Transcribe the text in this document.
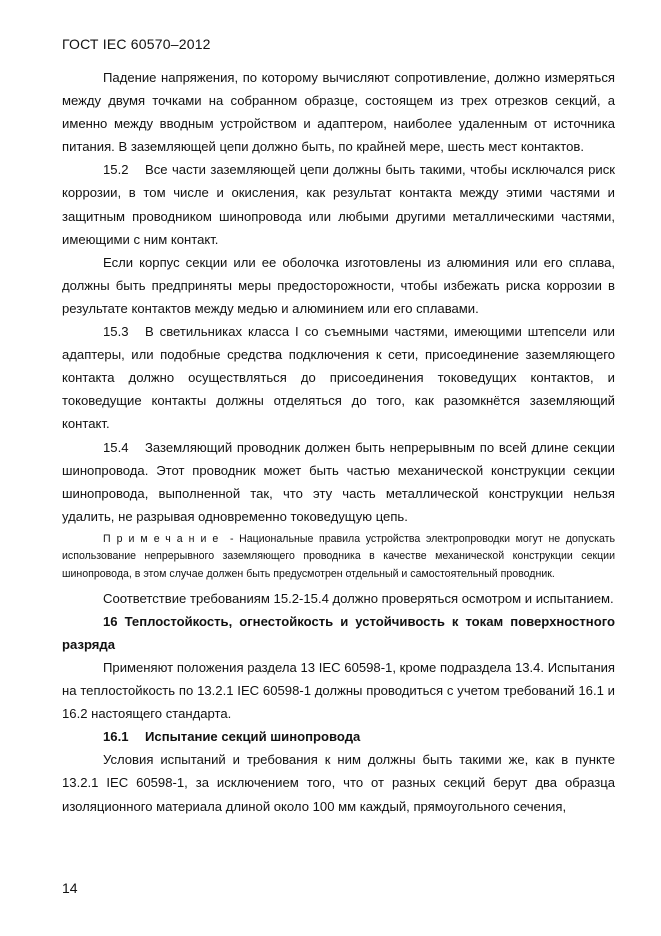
ГОСТ IEC 60570–2012

Падение напряжения, по которому вычисляют сопротивление, должно измеряться между двумя точками на собранном образце, состоящем из трех отрезков секций, а именно между вводным устройством и адаптером, наиболее удаленным от источника питания. В заземляющей цепи должно быть, по крайней мере, шесть мест контактов.

15.2 Все части заземляющей цепи должны быть такими, чтобы исключался риск коррозии, в том числе и окисления, как результат контакта между этими частями и защитным проводником шинопровода или любыми другими металлическими частями, имеющими с ним контакт.

Если корпус секции или ее оболочка изготовлены из алюминия или его сплава, должны быть предприняты меры предосторожности, чтобы избежать риска коррозии в результате контактов между медью и алюминием или его сплавами.

15.3 В светильниках класса I со съемными частями, имеющими штепсели или адаптеры, или подобные средства подключения к сети, присоединение заземляющего контакта должно осуществляться до присоединения токоведущих контактов, и токоведущие контакты должны отделяться до того, как разомкнётся заземляющий контакт.

15.4 Заземляющий проводник должен быть непрерывным по всей длине секции шинопровода. Этот проводник может быть частью механической конструкции секции шинопровода, выполненной так, что эту часть металлической конструкции нельзя удалить, не разрывая одновременно токоведущую цепь.

Примечание - Национальные правила устройства электропроводки могут не допускать использование непрерывного заземляющего проводника в качестве механической конструкции секции шинопровода, в этом случае должен быть предусмотрен отдельный и самостоятельный проводник.

Соответствие требованиям 15.2-15.4 должно проверяться осмотром и испытанием.

16 Теплостойкость, огнестойкость и устойчивость к токам поверхностного разряда

Применяют положения раздела 13 IEC 60598-1, кроме подраздела 13.4. Испытания на теплостойкость по 13.2.1 IEC 60598-1 должны проводиться с учетом требований 16.1 и 16.2 настоящего стандарта.

16.1 Испытание секций шинопровода

Условия испытаний и требования к ним должны быть такими же, как в пункте 13.2.1 IEC 60598-1, за исключением того, что от разных секций берут два образца изоляционного материала длиной около 100 мм каждый, прямоугольного сечения,

14
